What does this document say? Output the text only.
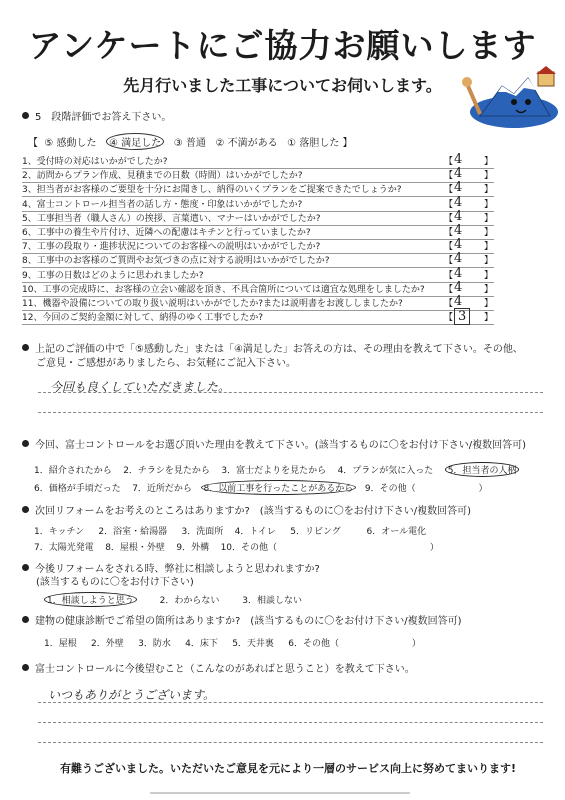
アンケートにご協力お願いします
先月行いました工事についてお伺いします。
5　段階評価でお答え下さい。
【  ⑤ 感動した ④ 満足した ③ 普通 ② 不満がある ① 落胆した 】
1、受付時の対応はいかがでしたか?	【 4 】
2、訪問からプラン作成、見積までの日数（時間）はいかがでしたか?	【 4 】
3、担当者がお客様のご要望を十分にお聞きし、納得のいくプランをご提案できたでしょうか?	【 4 】
4、富士コントロール担当者の話し方・態度・印象はいかがでしたか?	【 4 】
5、工事担当者（職人さん）の挨拶、言葉遣い、マナーはいかがでしたか?	【 4 】
6、工事中の養生や片付け、近隣への配慮はキチンと行っていましたか?	【 4 】
7、工事の段取り・進捗状況についてのお客様への説明はいかがでしたか?	【 4 】
8、工事中のお客様のご質問やお気づきの点に対する説明はいかがでしたか?	【 4 】
9、工事の日数はどのように思われましたか?	【 4 】
10、工事の完成時に、お客様の立会い確認を頂き、不具合箇所については適宜な処理をしましたか? 【 4 】
11、機器や設備についての取り扱い説明はいかがでしたか?または説明書をお渡ししましたか?	【 4 】
12、今回のご契約金額に対して、納得のゆく工事でしたか?	【 3	】
上記のご評価の中で「⑤感動した」または「④満足した」お答えの方は、その理由を教えて下さい。その他、
ご意見・ご感想がありましたら、お気軽にご記入下さい。
今回も良くしていただきました。
今回、富士コントロールをお選び頂いた理由を教えて下さい。(該当するものに〇をお付け下さい/複数回答可)
1．紹介されたから 2．チラシを見たから 3．富士だよりを見たから 4．プランが気に入った 5．担当者の人柄
6．価格が手頃だった 7．近所だから 8．以前工事を行ったことがあるから 9．その他（	）
次回リフォームをお考えのところはありますか?　(該当するものに〇をお付け下さい/複数回答可)
1．キッチン 2．浴室・給湯器 3．洗面所 4．トイレ 5．リビング	6．オール電化
7．太陽光発電 8．屋根・外壁 9．外構 10．その他（	）
今後リフォームをされる時、弊社に相談しようと思われますか?
(該当するものに〇をお付け下さい)
1．相談しようと思う	2．わからない	3．相談しない
建物の健康診断でご希望の箇所はありますか?　(該当するものに〇をお付け下さい/複数回答可)
1．屋根 2．外壁 3．防水 4．床下 5．天井裏 6．その他（	）
富士コントロールに今後望むこと（こんなのがあればと思うこと）を教えて下さい。
いつもありがとうございます。
有難うございました。いただいたご意見を元により一層のサービス向上に努めてまいります!
